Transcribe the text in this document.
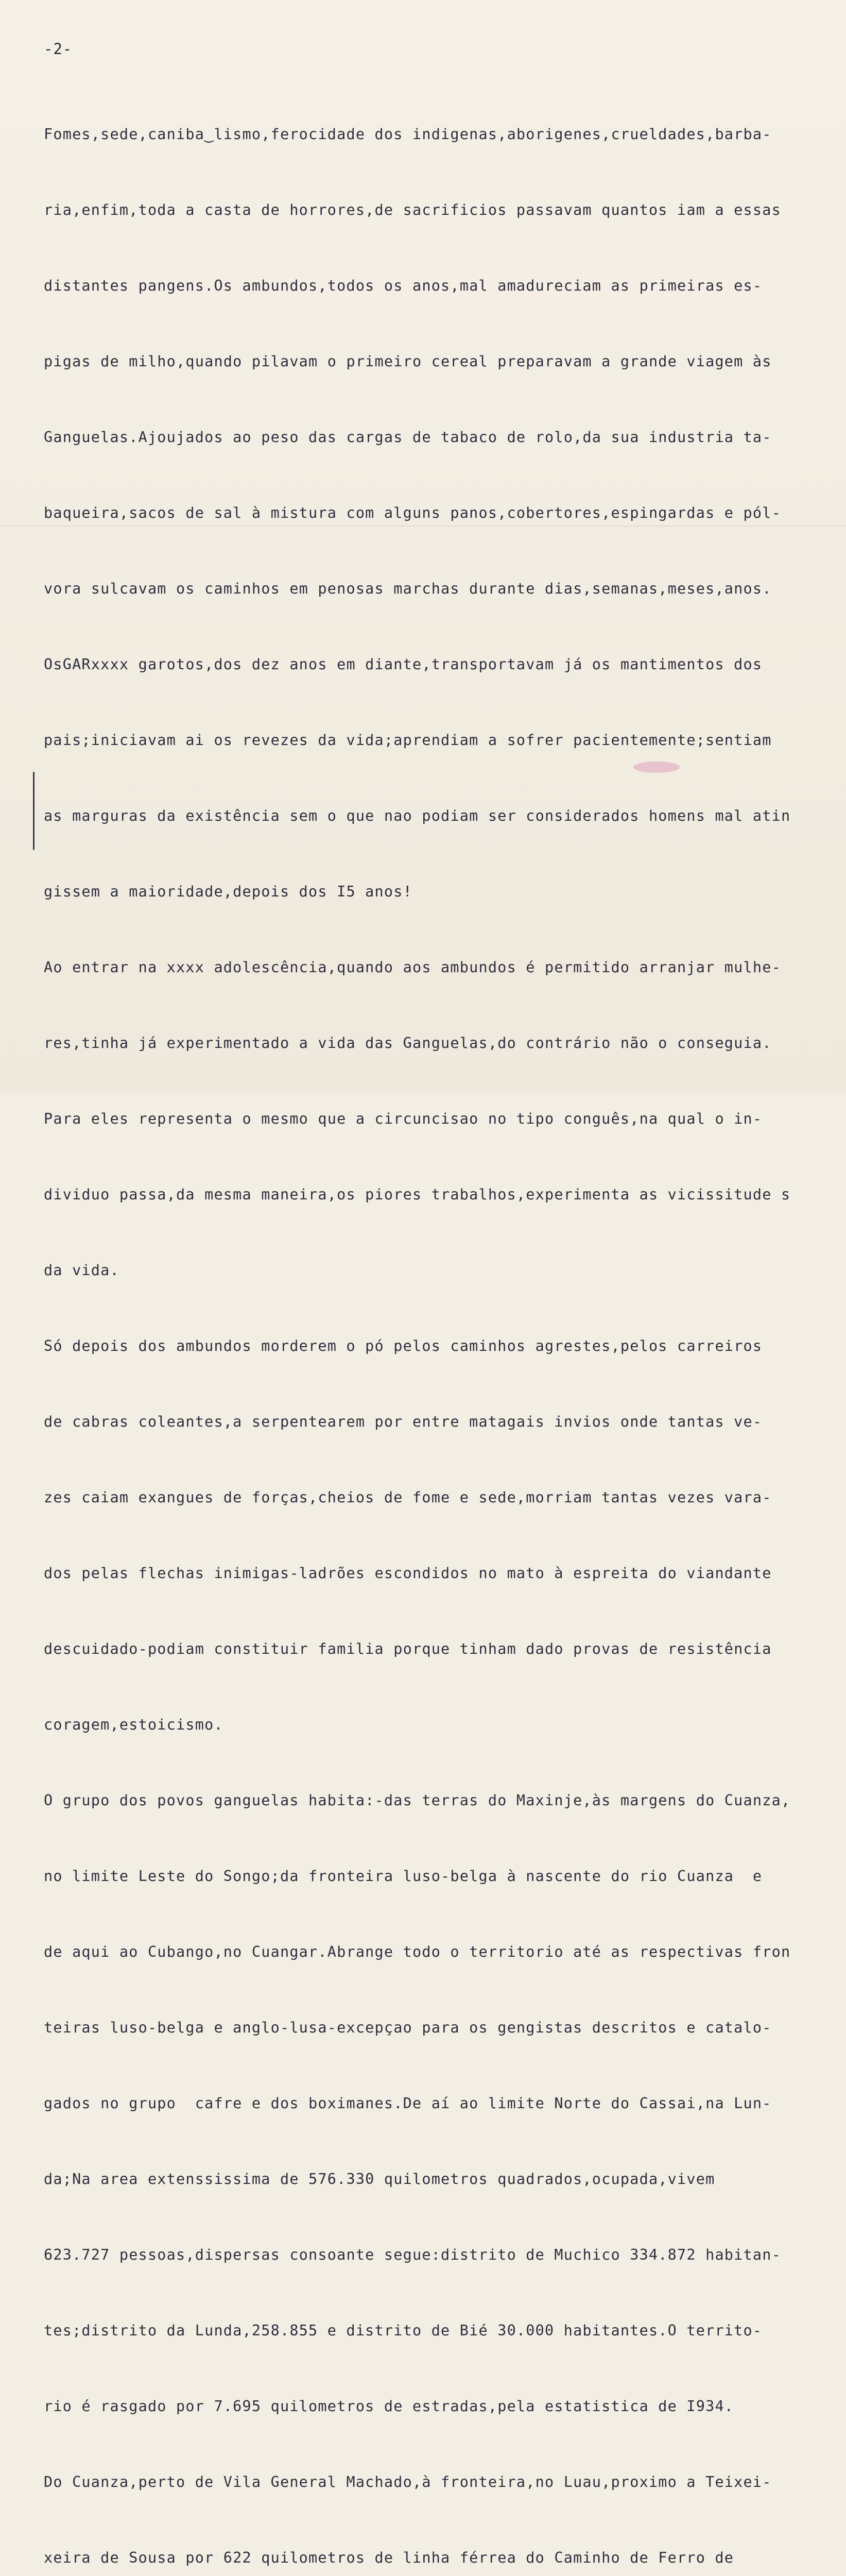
-2-

Fomes,sede,caniba‿lismo,ferocidade dos indigenas,aborigenes,crueldades,barba-

ria,enfim,toda a casta de horrores,de sacrificios passavam quantos iam a essas

distantes pangens.Os ambundos,todos os anos,mal amadureciam as primeiras es-

pigas de milho,quando pilavam o primeiro cereal preparavam a grande viagem às

Ganguelas.Ajoujados ao peso das cargas de tabaco de rolo,da sua industria ta-

baqueira,sacos de sal à mistura com alguns panos,cobertores,espingardas e pól-

vora sulcavam os caminhos em penosas marchas durante dias,semanas,meses,anos.

OsGARxxxx garotos,dos dez anos em diante,transportavam já os mantimentos dos

pais;iniciavam ai os revezes da vida;aprendiam a sofrer pacientemente;sentiam

as marguras da existência sem o que nao podiam ser considerados homens mal atin

gissem a maioridade,depois dos I5 anos!

Ao entrar na xxxx adolescência,quando aos ambundos é permitido arranjar mulhe-

res,tinha já experimentado a vida das Ganguelas,do contrário não o conseguia.

Para eles representa o mesmo que a circuncisao no tipo conguês,na qual o in-

dividuo passa,da mesma maneira,os piores trabalhos,experimenta as vicissitude s

da vida.

Só depois dos ambundos morderem o pó pelos caminhos agrestes,pelos carreiros

de cabras coleantes,a serpentearem por entre matagais invios onde tantas ve-

zes caiam exangues de forças,cheios de fome e sede,morriam tantas vezes vara-

dos pelas flechas inimigas-ladrões escondidos no mato à espreita do viandante

descuidado-podiam constituir familia porque tinham dado provas de resistência

coragem,estoicismo.

O grupo dos povos ganguelas habita:-das terras do Maxinje,às margens do Cuanza,

no limite Leste do Songo;da fronteira luso-belga à nascente do rio Cuanza  e

de aqui ao Cubango,no Cuangar.Abrange todo o territorio até as respectivas fron

teiras luso-belga e anglo-lusa-excepçao para os gengistas descritos e catalo-

gados no grupo  cafre e dos boximanes.De aí ao limite Norte do Cassai,na Lun-

da;Na area extenssissima de 576.330 quilometros quadrados,ocupada,vivem

623.727 pessoas,dispersas consoante segue:distrito de Muchico 334.872 habitan-

tes;distrito da Lunda,258.855 e distrito de Bié 30.000 habitantes.O territo-

rio é rasgado por 7.695 quilometros de estradas,pela estatistica de I934.

Do Cuanza,perto de Vila General Machado,à fronteira,no Luau,proximo a Teixei-

xeira de Sousa por 622 quilometros de linha férrea do Caminho de Ferro de
